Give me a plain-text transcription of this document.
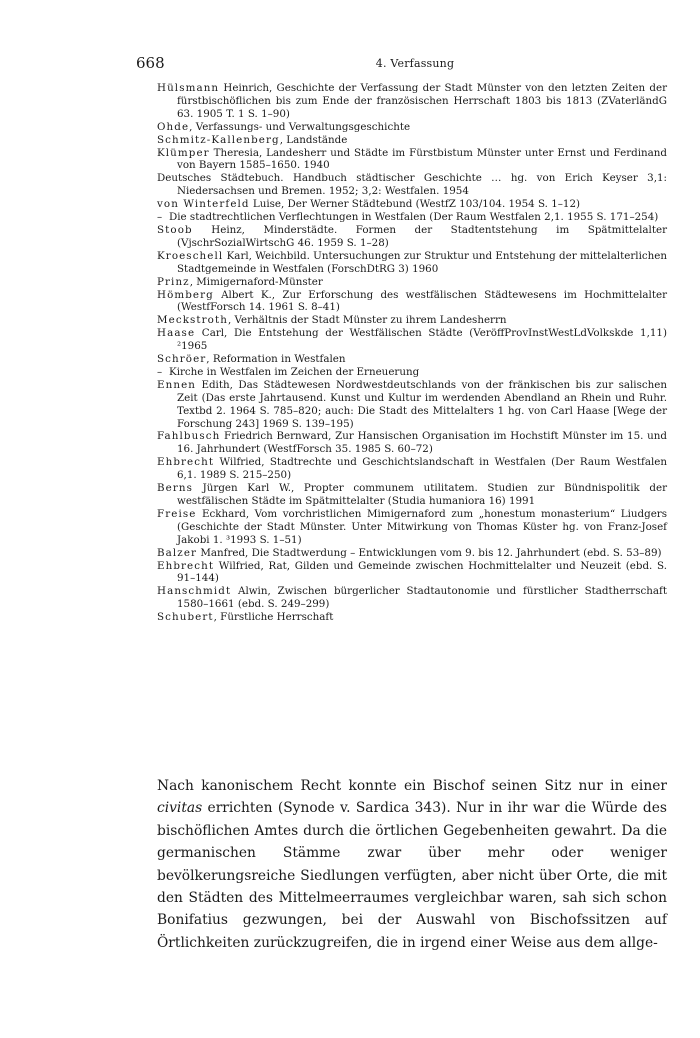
668	4. Verfassung

Hülsmann Heinrich, Geschichte der Verfassung der Stadt Münster von den letzten Zeiten der fürstbischöflichen bis zum Ende der französischen Herrschaft 1803 bis 1813 (ZVaterländG 63. 1905 T. 1 S. 1–90)

Ohde, Verfassungs- und Verwaltungsgeschichte

Schmitz-Kallenberg, Landstände

Klümper Theresia, Landesherr und Städte im Fürstbistum Münster unter Ernst und Ferdinand von Bayern 1585–1650. 1940

Deutsches Städtebuch. Handbuch städtischer Geschichte … hg. von Erich Keyser 3,1: Niedersachsen und Bremen. 1952; 3,2: Westfalen. 1954

von Winterfeld Luise, Der Werner Städtebund (WestfZ 103/104. 1954 S. 1–12)

– Die stadtrechtlichen Verflechtungen in Westfalen (Der Raum Westfalen 2,1. 1955 S. 171–254)

Stoob Heinz, Minderstädte. Formen der Stadtentstehung im Spätmittelalter (VjschrSozialWirtschG 46. 1959 S. 1–28)

Kroeschell Karl, Weichbild. Untersuchungen zur Struktur und Entstehung der mittelalterlichen Stadtgemeinde in Westfalen (ForschDtRG 3) 1960

Prinz, Mimigernaford-Münster

Hömberg Albert K., Zur Erforschung des westfälischen Städtewesens im Hochmittelalter (WestfForsch 14. 1961 S. 8–41)

Meckstroth, Verhältnis der Stadt Münster zu ihrem Landesherrn

Haase Carl, Die Entstehung der Westfälischen Städte (VeröffProvInstWestLdVolkskde 1,11) ²1965

Schröer, Reformation in Westfalen

– Kirche in Westfalen im Zeichen der Erneuerung

Ennen Edith, Das Städtewesen Nordwestdeutschlands von der fränkischen bis zur salischen Zeit (Das erste Jahrtausend. Kunst und Kultur im werdenden Abendland an Rhein und Ruhr. Textbd 2. 1964 S. 785–820; auch: Die Stadt des Mittelalters 1 hg. von Carl Haase [Wege der Forschung 243] 1969 S. 139–195)

Fahlbusch Friedrich Bernward, Zur Hansischen Organisation im Hochstift Münster im 15. und 16. Jahrhundert (WestfForsch 35. 1985 S. 60–72)

Ehbrecht Wilfried, Stadtrechte und Geschichtslandschaft in Westfalen (Der Raum Westfalen 6,1. 1989 S. 215–250)

Berns Jürgen Karl W., Propter communem utilitatem. Studien zur Bündnispolitik der westfälischen Städte im Spätmittelalter (Studia humaniora 16) 1991

Freise Eckhard, Vom vorchristlichen Mimigernaford zum „honestum monasterium“ Liudgers (Geschichte der Stadt Münster. Unter Mitwirkung von Thomas Küster hg. von Franz-Josef Jakobi 1. ³1993 S. 1–51)

Balzer Manfred, Die Stadtwerdung – Entwicklungen vom 9. bis 12. Jahrhundert (ebd. S. 53–89)

Ehbrecht Wilfried, Rat, Gilden und Gemeinde zwischen Hochmittelalter und Neuzeit (ebd. S. 91–144)

Hanschmidt Alwin, Zwischen bürgerlicher Stadtautonomie und fürstlicher Stadtherrschaft 1580–1661 (ebd. S. 249–299)

Schubert, Fürstliche Herrschaft

Nach kanonischem Recht konnte ein Bischof seinen Sitz nur in einer civitas errichten (Synode v. Sardica 343). Nur in ihr war die Würde des bischöflichen Amtes durch die örtlichen Gegebenheiten gewahrt. Da die germanischen Stämme zwar über mehr oder weniger bevölkerungsreiche Siedlungen verfügten, aber nicht über Orte, die mit den Städten des Mittelmeerraumes vergleichbar waren, sah sich schon Bonifatius gezwungen, bei der Auswahl von Bischofssitzen auf Örtlichkeiten zurückzugreifen, die in irgend einer Weise aus dem allge-
